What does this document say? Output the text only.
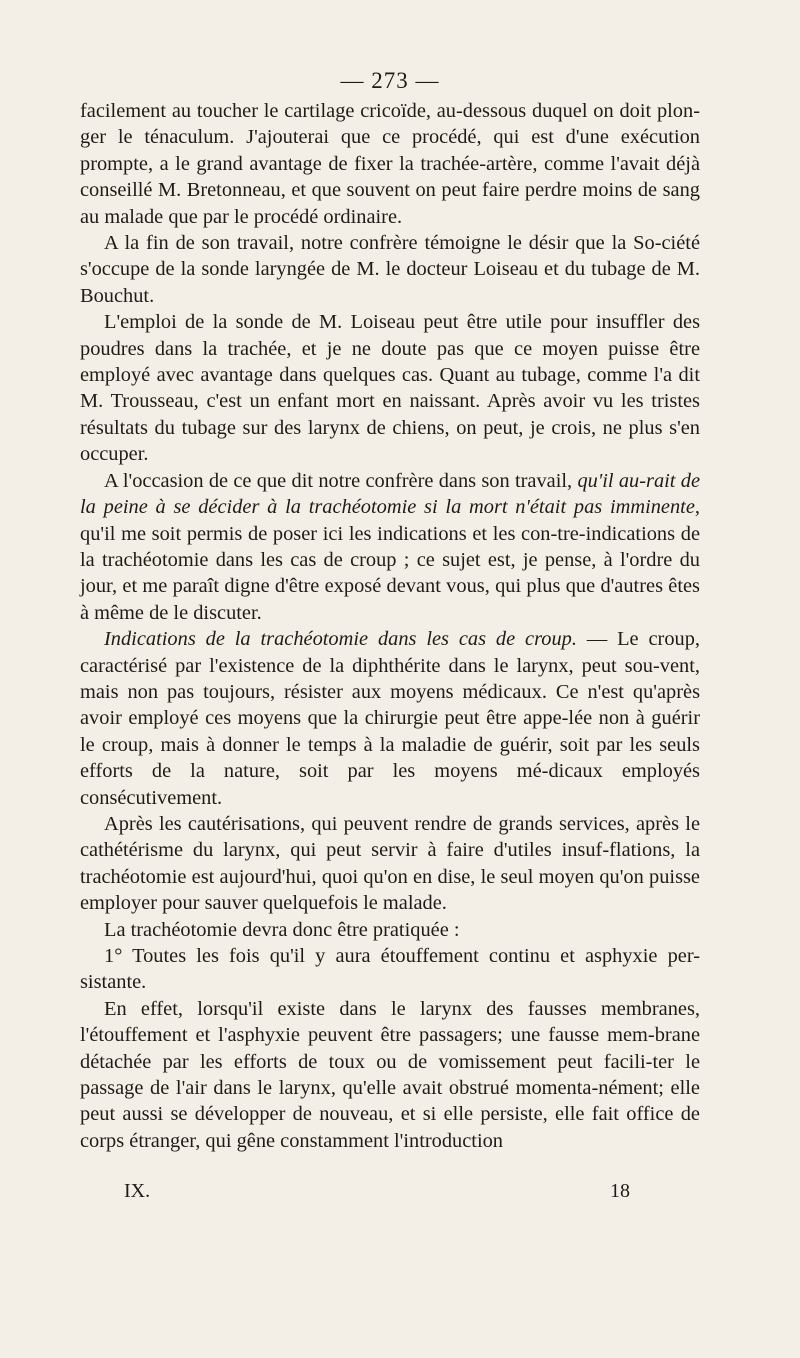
— 273 —

facilement au toucher le cartilage cricoïde, au-dessous duquel on doit plon-ger le ténaculum. J'ajouterai que ce procédé, qui est d'une exécution prompte, a le grand avantage de fixer la trachée-artère, comme l'avait déjà conseillé M. Bretonneau, et que souvent on peut faire perdre moins de sang au malade que par le procédé ordinaire.

A la fin de son travail, notre confrère témoigne le désir que la So-ciété s'occupe de la sonde laryngée de M. le docteur Loiseau et du tubage de M. Bouchut.

L'emploi de la sonde de M. Loiseau peut être utile pour insuffler des poudres dans la trachée, et je ne doute pas que ce moyen puisse être employé avec avantage dans quelques cas. Quant au tubage, comme l'a dit M. Trousseau, c'est un enfant mort en naissant. Après avoir vu les tristes résultats du tubage sur des larynx de chiens, on peut, je crois, ne plus s'en occuper.

A l'occasion de ce que dit notre confrère dans son travail, qu'il au-rait de la peine à se décider à la trachéotomie si la mort n'était pas imminente, qu'il me soit permis de poser ici les indications et les con-tre-indications de la trachéotomie dans les cas de croup ; ce sujet est, je pense, à l'ordre du jour, et me paraît digne d'être exposé devant vous, qui plus que d'autres êtes à même de le discuter.

Indications de la trachéotomie dans les cas de croup. — Le croup, caractérisé par l'existence de la diphthérite dans le larynx, peut sou-vent, mais non pas toujours, résister aux moyens médicaux. Ce n'est qu'après avoir employé ces moyens que la chirurgie peut être appe-lée non à guérir le croup, mais à donner le temps à la maladie de guérir, soit par les seuls efforts de la nature, soit par les moyens mé-dicaux employés consécutivement.

Après les cautérisations, qui peuvent rendre de grands services, après le cathétérisme du larynx, qui peut servir à faire d'utiles insuf-flations, la trachéotomie est aujourd'hui, quoi qu'on en dise, le seul moyen qu'on puisse employer pour sauver quelquefois le malade.

La trachéotomie devra donc être pratiquée :

1° Toutes les fois qu'il y aura étouffement continu et asphyxie per-sistante.

En effet, lorsqu'il existe dans le larynx des fausses membranes, l'étouffement et l'asphyxie peuvent être passagers; une fausse mem-brane détachée par les efforts de toux ou de vomissement peut facili-ter le passage de l'air dans le larynx, qu'elle avait obstrué momenta-nément; elle peut aussi se développer de nouveau, et si elle persiste, elle fait office de corps étranger, qui gêne constamment l'introduction

IX.	18
